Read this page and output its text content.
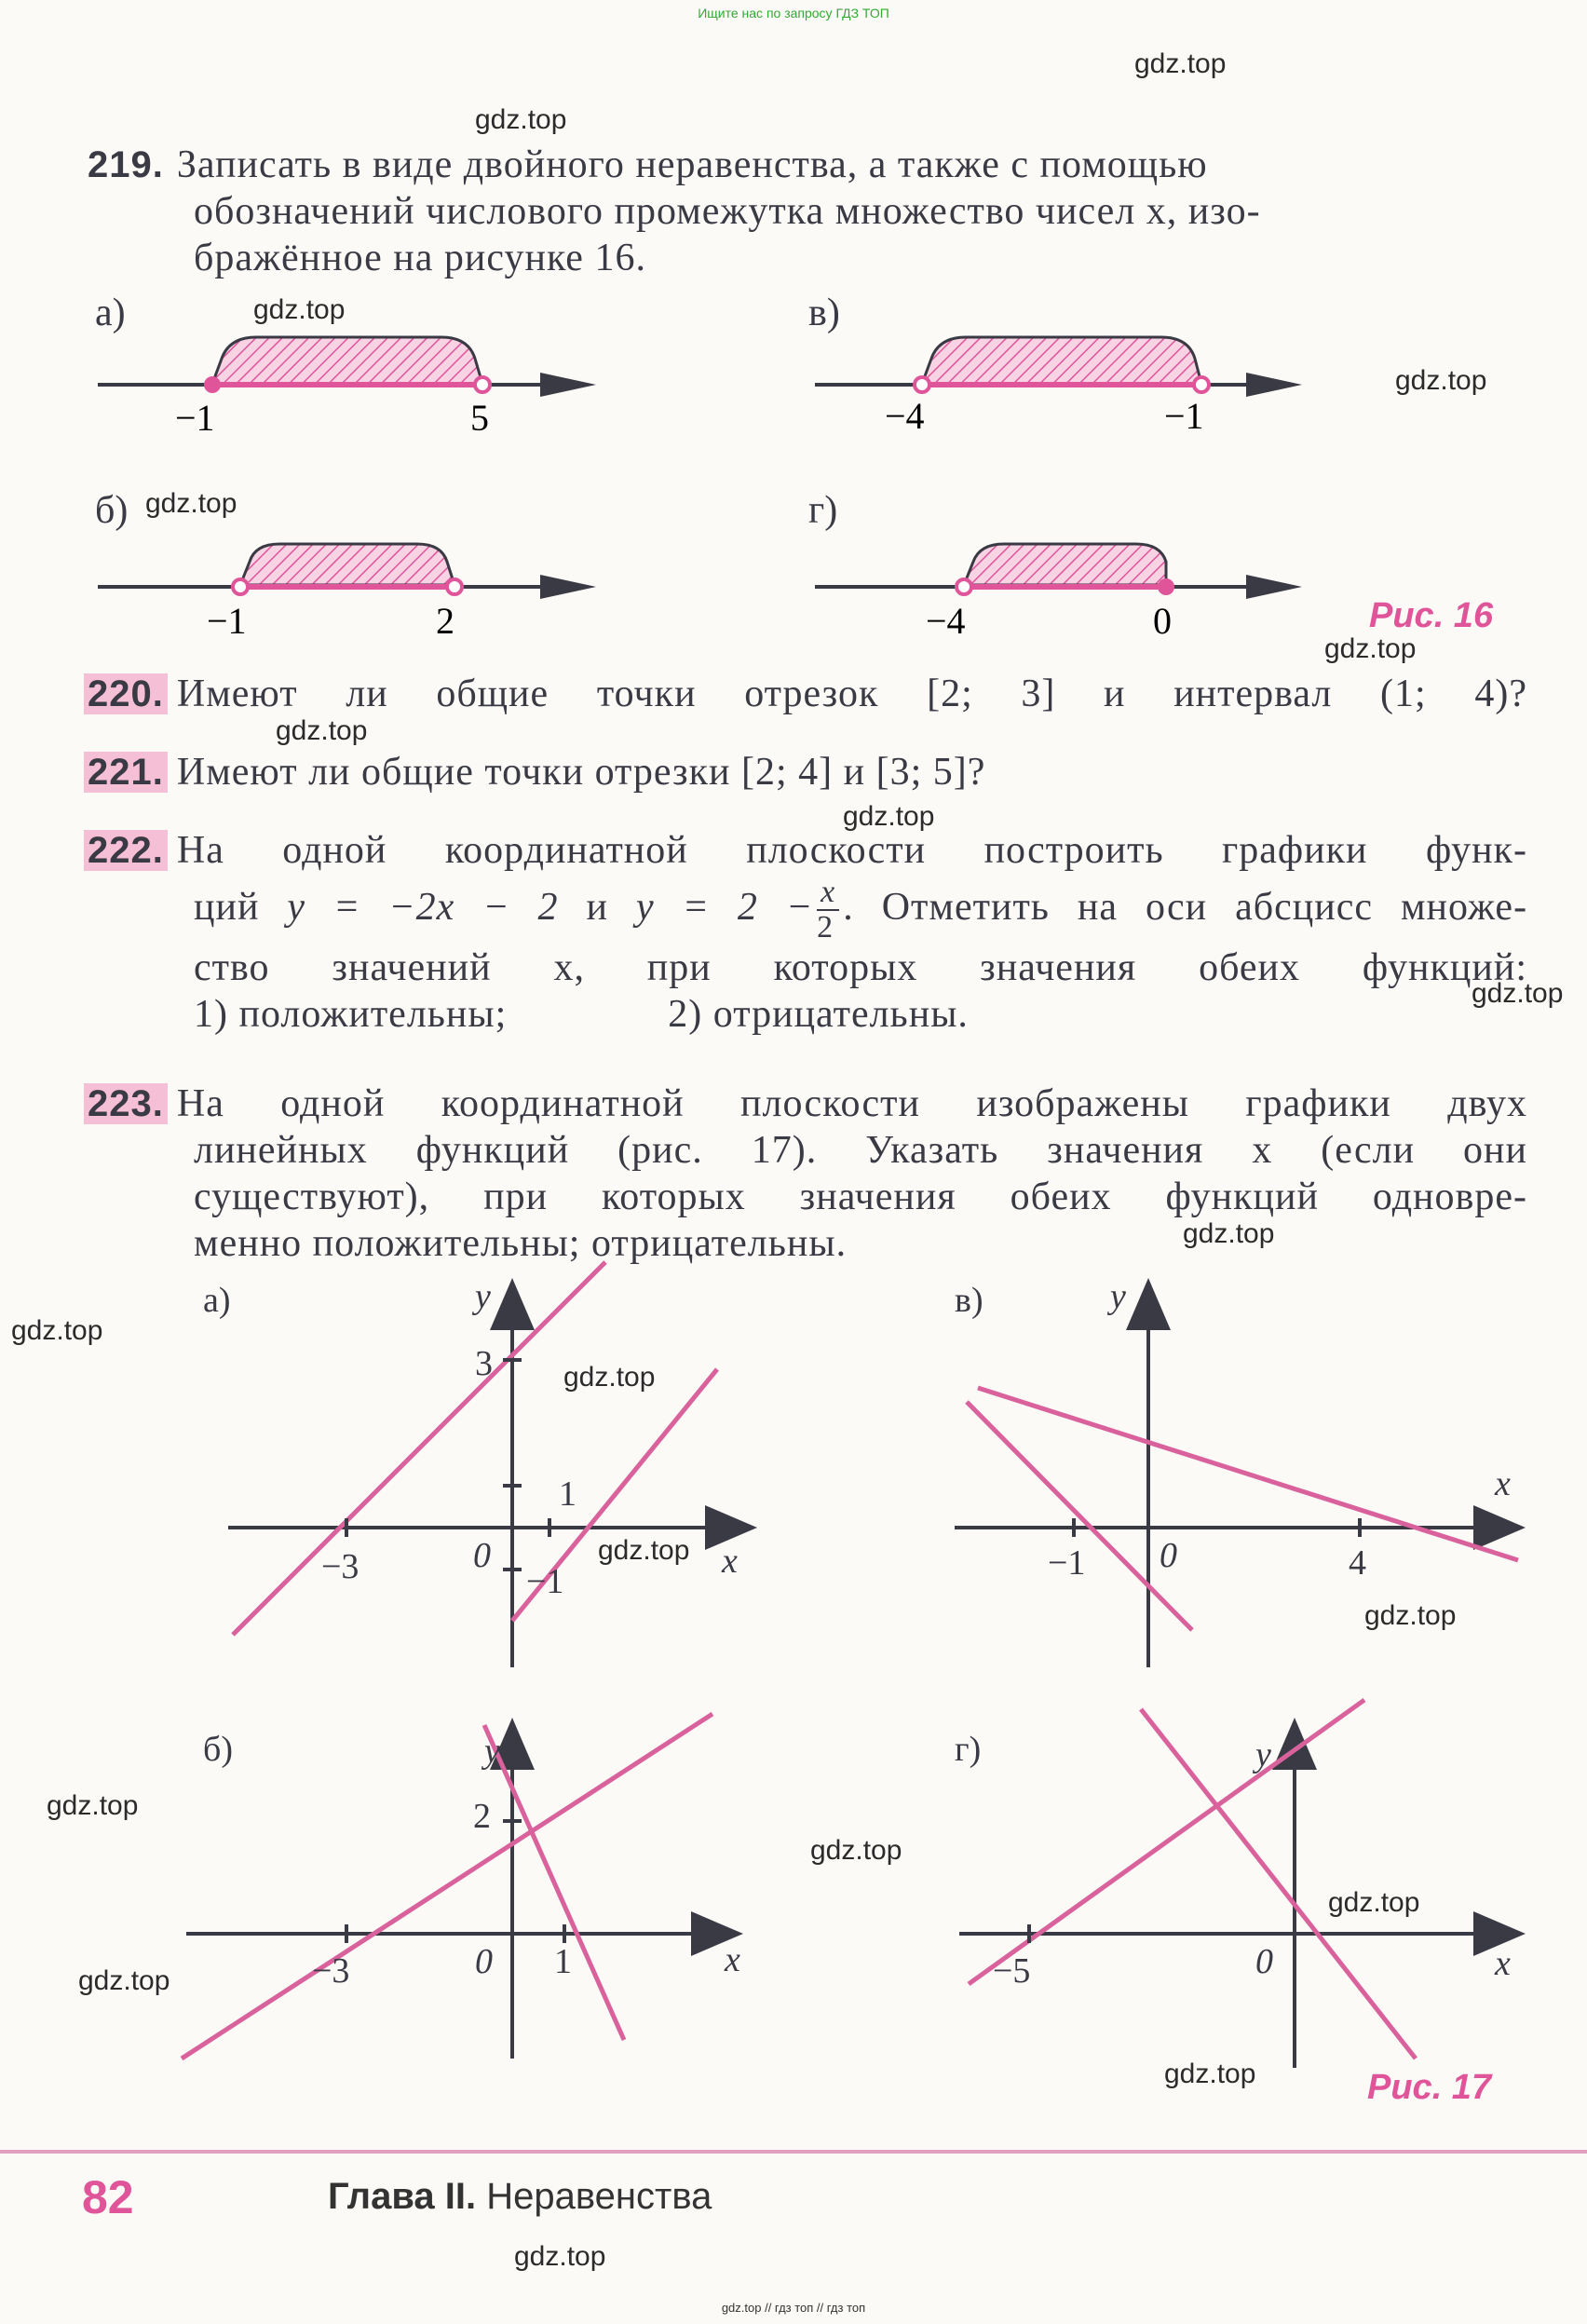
Ищите нас по запросу ГДЗ ТОП
gdz.top
gdz.top
gdz.top
gdz.top
gdz.top
gdz.top
gdz.top
gdz.top
gdz.top
gdz.top
gdz.top
gdz.top
gdz.top
gdz.top
gdz.top
gdz.top
gdz.top
gdz.top
gdz.top
gdz.top
219. Записать в виде двойного неравенства, а также с помощью
обозначений числового промежутка множество чисел x, изо-
бражённое на рисунке 16.
а)	в)
б)	г)
−1	5	−4	−1
−1	2	−4	0	Рис. 16
220. Имеют ли общие точки отрезок [2; 3] и интервал (1; 4)?
221. Имеют ли общие точки отрезки [2; 4] и [3; 5]?
222. На одной координатной плоскости построить графики функ-
ций y = −2x − 2 и $y = 2 - \frac{x}{2}$ . Отметить на оси абсцисс множе-
ство значений x, при которых значения обеих функций:
1) положительны;	2) отрицательны.
223. На одной координатной плоскости изображены графики двух
линейных функций (рис. 17). Указать значения x (если они
существуют), при которых значения обеих функций одновре-
менно положительны; отрицательны.
а)	y
x
0
3
1
−3	−1
в)	y
x
0
−1	4
б)	y
x
0
2
−3	1
г)	y
x
0
−5
Рис. 17
82	Глава II. Неравенства
gdz.top // гдз топ // гдз топ
